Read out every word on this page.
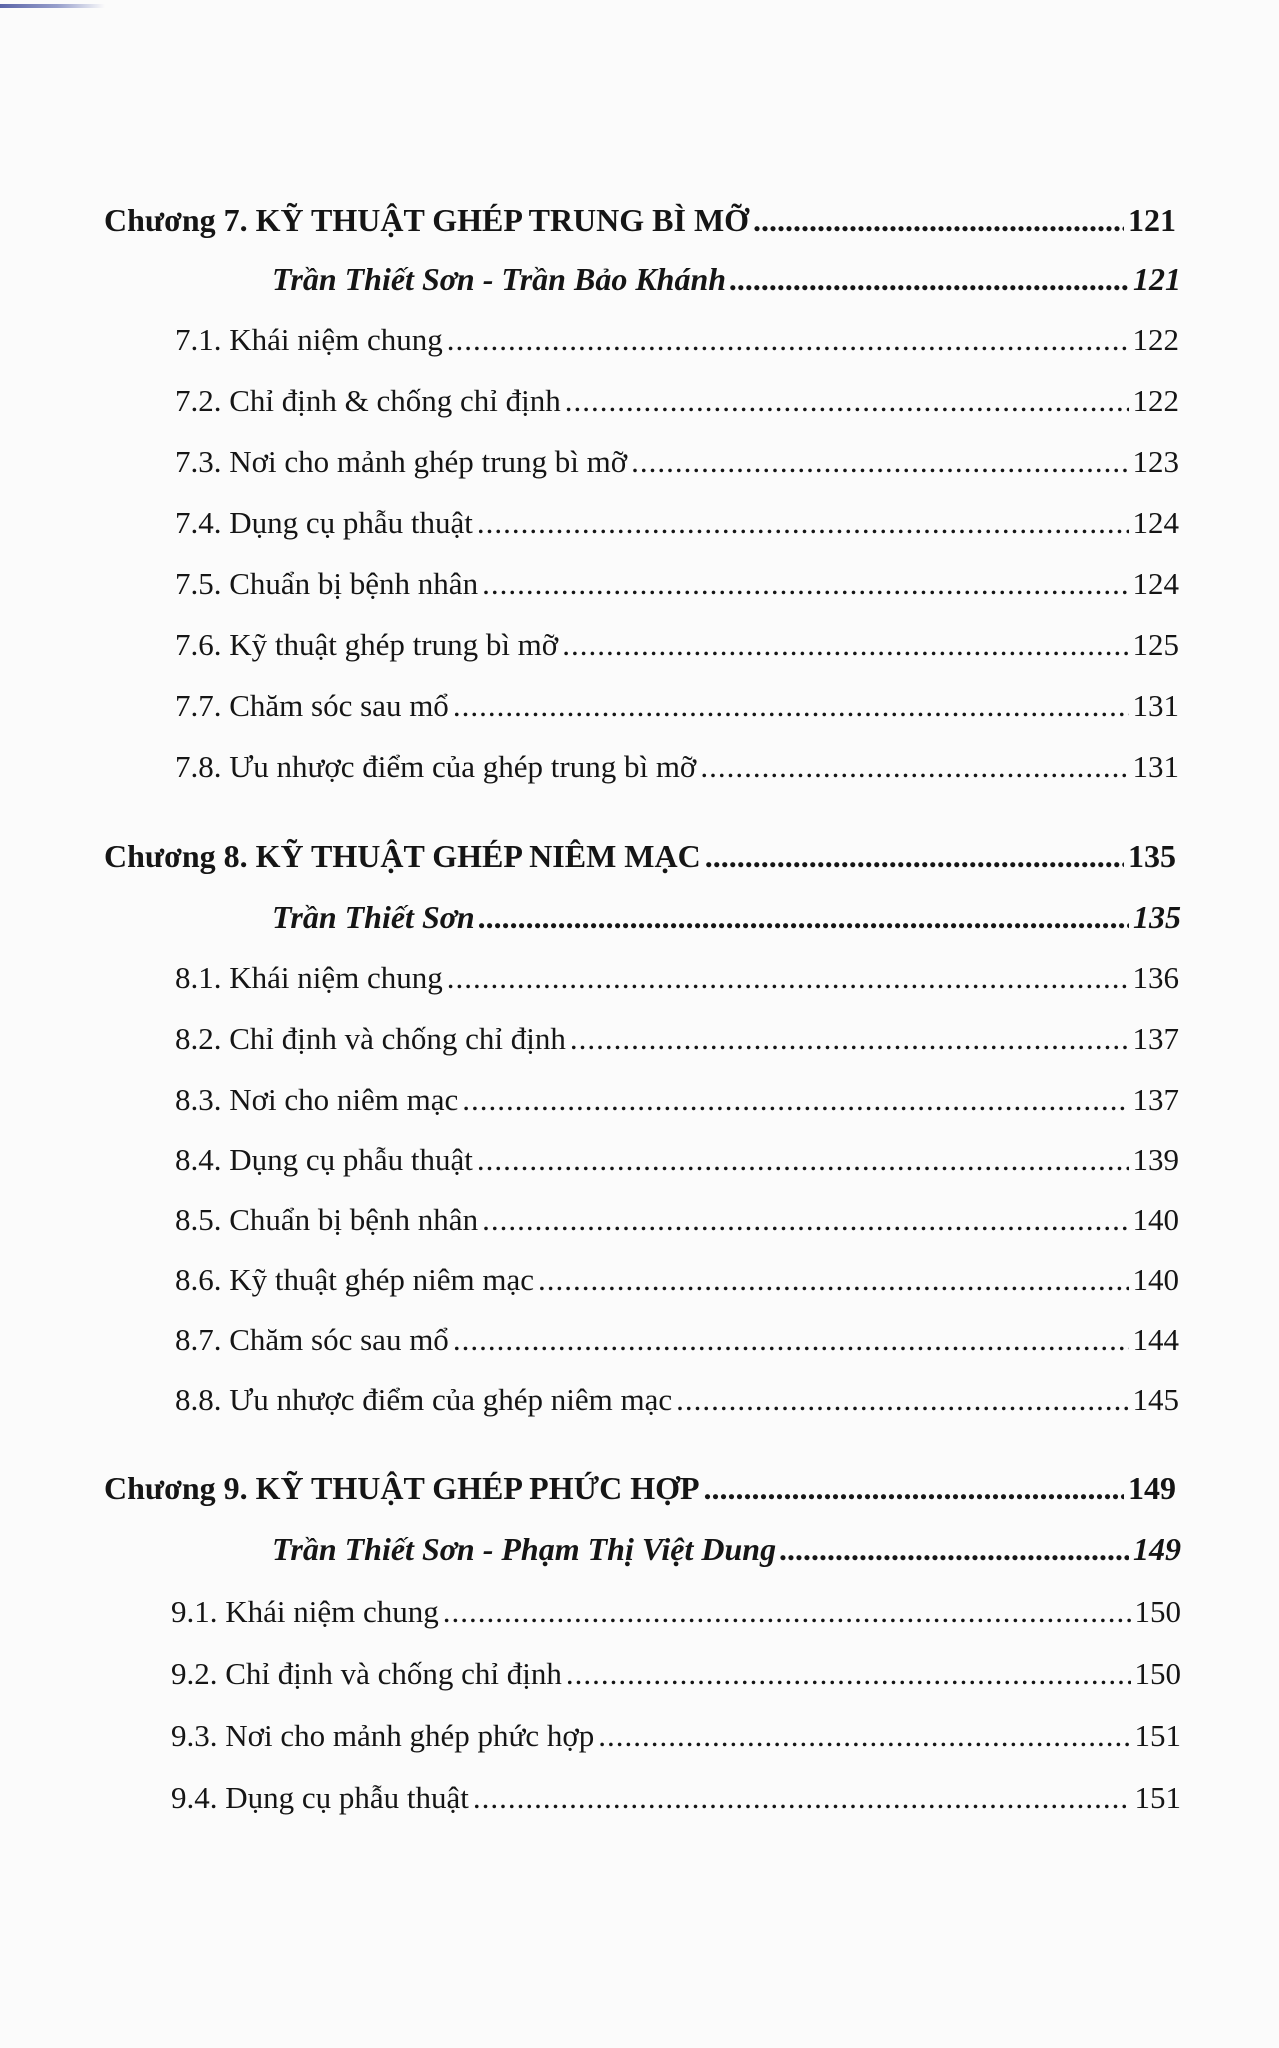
Chương 7. KỸ THUẬT GHÉP TRUNG BÌ MỠ .....	121
Trần Thiết Sơn - Trần Bảo Khánh .....	121
7.1. Khái niệm chung .....	122
7.2. Chỉ định & chống chỉ định .....	122
7.3. Nơi cho mảnh ghép trung bì mỡ .....	123
7.4. Dụng cụ phẫu thuật .....	124
7.5. Chuẩn bị bệnh nhân .....	124
7.6. Kỹ thuật ghép trung bì mỡ .....	125
7.7. Chăm sóc sau mổ .....	131
7.8. Ưu nhược điểm của ghép trung bì mỡ .....	131
Chương 8. KỸ THUẬT GHÉP NIÊM MẠC .....	135
Trần Thiết Sơn .....	135
8.1. Khái niệm chung .....	136
8.2. Chỉ định và chống chỉ định .....	137
8.3. Nơi cho niêm mạc .....	137
8.4. Dụng cụ phẫu thuật .....	139
8.5. Chuẩn bị bệnh nhân .....	140
8.6. Kỹ thuật ghép niêm mạc .....	140
8.7. Chăm sóc sau mổ .....	144
8.8. Ưu nhược điểm của ghép niêm mạc .....	145
Chương 9. KỸ THUẬT GHÉP PHỨC HỢP .....	149
Trần Thiết Sơn - Phạm Thị Việt Dung .....	149
9.1. Khái niệm chung .....	150
9.2. Chỉ định và chống chỉ định .....	150
9.3. Nơi cho mảnh ghép phức hợp .....	151
9.4. Dụng cụ phẫu thuật .....	151
